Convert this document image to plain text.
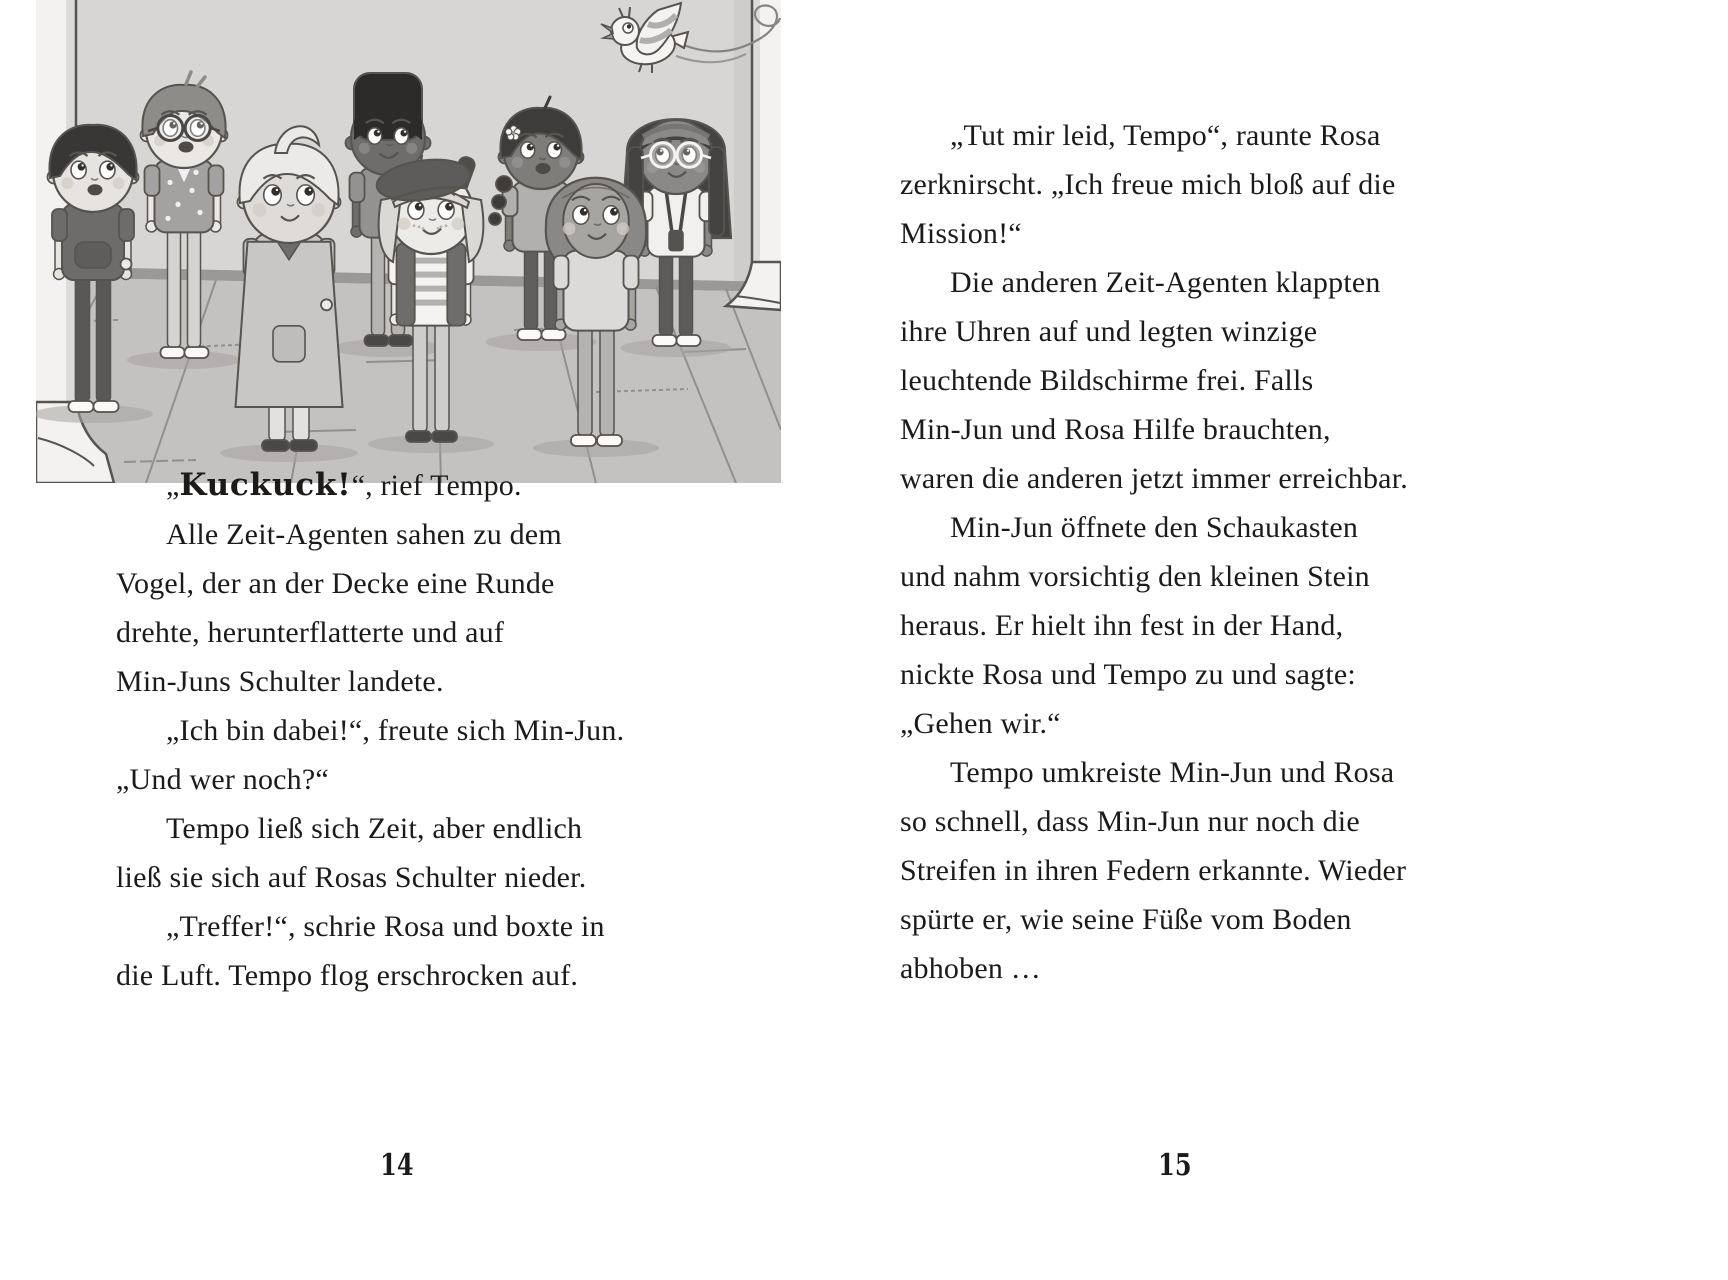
„Kuckuck!“, rief Tempo.
Alle Zeit-Agenten sahen zu dem
Vogel, der an der Decke eine Runde
drehte, herunterflatterte und auf
Min-Juns Schulter landete.
„Ich bin dabei!“, freute sich Min-Jun.
„Und wer noch?“
Tempo ließ sich Zeit, aber endlich
ließ sie sich auf Rosas Schulter nieder.
„Treffer!“, schrie Rosa und boxte in
die Luft. Tempo flog erschrocken auf.
14
„Tut mir leid, Tempo“, raunte Rosa
zerknirscht. „Ich freue mich bloß auf die
Mission!“
Die anderen Zeit-Agenten klappten
ihre Uhren auf und legten winzige
leuchtende Bildschirme frei. Falls
Min-Jun und Rosa Hilfe brauchten,
waren die anderen jetzt immer erreichbar.
Min-Jun öffnete den Schaukasten
und nahm vorsichtig den kleinen Stein
heraus. Er hielt ihn fest in der Hand,
nickte Rosa und Tempo zu und sagte:
„Gehen wir.“
Tempo umkreiste Min-Jun und Rosa
so schnell, dass Min-Jun nur noch die
Streifen in ihren Federn erkannte. Wieder
spürte er, wie seine Füße vom Boden
abhoben …
15
